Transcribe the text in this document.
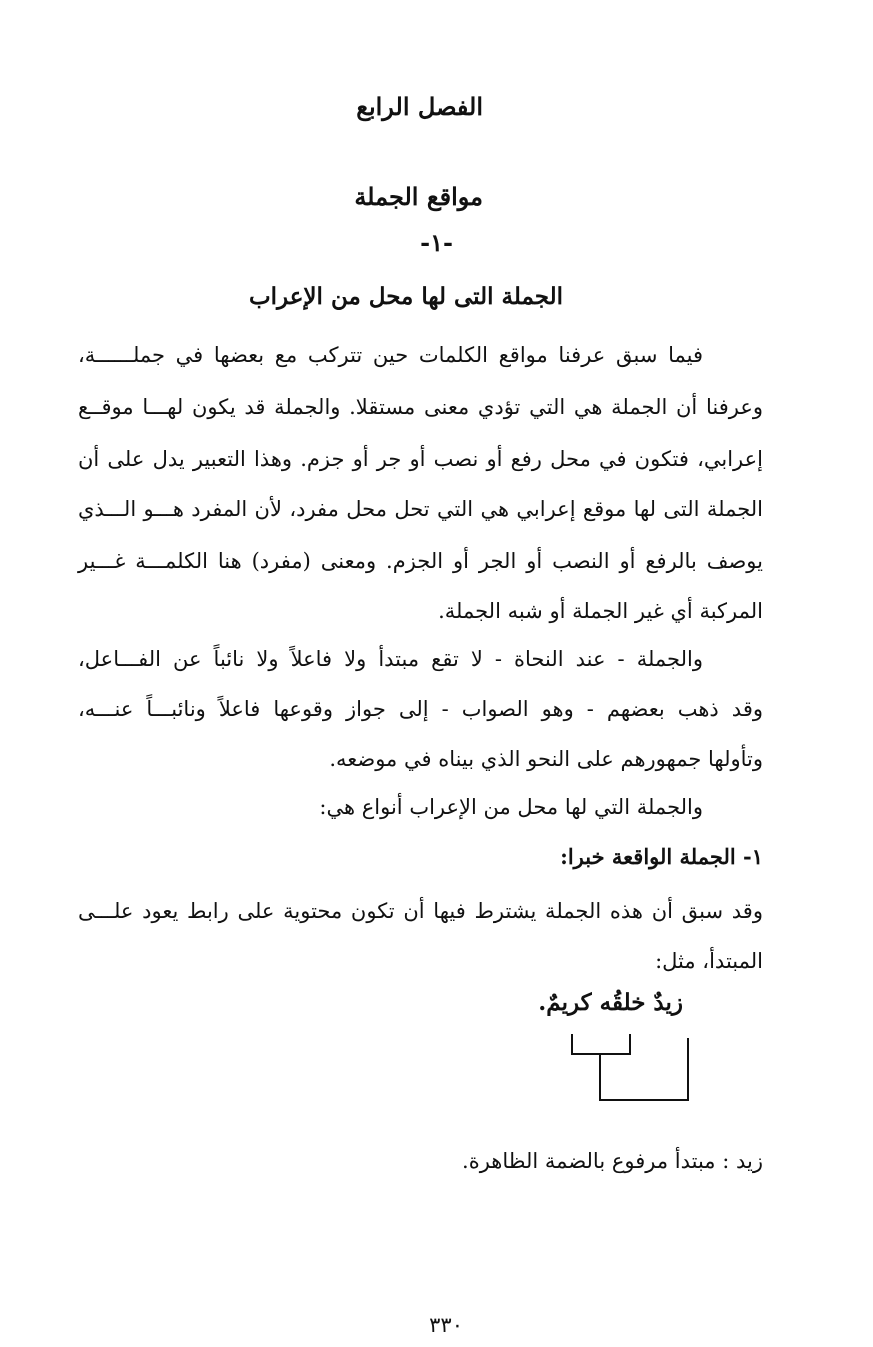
الفصل الرابع
مواقع الجملة
-١-
الجملة التى لها محل من الإعراب
فيما سبق عرفنا مواقع الكلمات حين تتركب مع بعضها في جملــــــة،
وعرفنا أن الجملة هي التي تؤدي معنى مستقلا. والجملة قد يكون لهـــا موقــع
إعرابي، فتكون في محل رفع أو نصب أو جر أو جزم. وهذا التعبير يدل على أن
الجملة التى لها موقع إعرابي هي التي تحل محل مفرد، لأن المفرد هـــو الـــذي
يوصف بالرفع أو النصب أو الجر أو الجزم. ومعنى (مفرد) هنا الكلمـــة غـــير
المركبة أي غير الجملة أو شبه الجملة.
والجملة - عند النحاة - لا تقع مبتدأ ولا فاعلاً ولا نائباً عن الفـــاعل،
وقد ذهب بعضهم - وهو الصواب - إلى جواز وقوعها فاعلاً ونائبـــاً عنـــه،
وتأولها جمهورهم على النحو الذي بيناه في موضعه.
والجملة التي لها محل من الإعراب أنواع هي:
١- الجملة الواقعة خبرا:
وقد سبق أن هذه الجملة يشترط فيها أن تكون محتوية على رابط يعود علـــى
المبتدأ، مثل:
زيدٌ خلقُه كريمٌ.
زيد : مبتدأ مرفوع بالضمة الظاهرة.
٣٣٠
